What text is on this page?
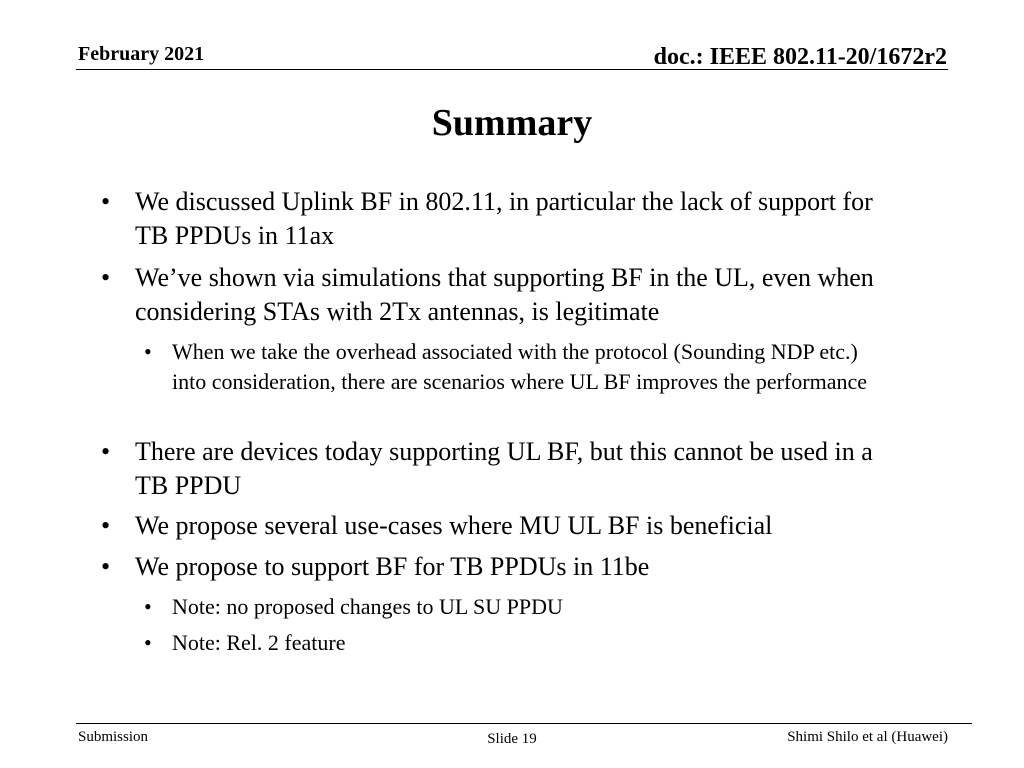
February 2021	doc.: IEEE 802.11-20/1672r2
Summary
• We discussed Uplink BF in 802.11, in particular the lack of support for TB PPDUs in 11ax
• We’ve shown via simulations that supporting BF in the UL, even when considering STAs with 2Tx antennas, is legitimate
• When we take the overhead associated with the protocol (Sounding NDP etc.) into consideration, there are scenarios where UL BF improves the performance
• There are devices today supporting UL BF, but this cannot be used in a TB PPDU
• We propose several use-cases where MU UL BF is beneficial
• We propose to support BF for TB PPDUs in 11be
• Note: no proposed changes to UL SU PPDU
• Note: Rel. 2 feature
Submission	Slide 19	Shimi Shilo et al (Huawei)
